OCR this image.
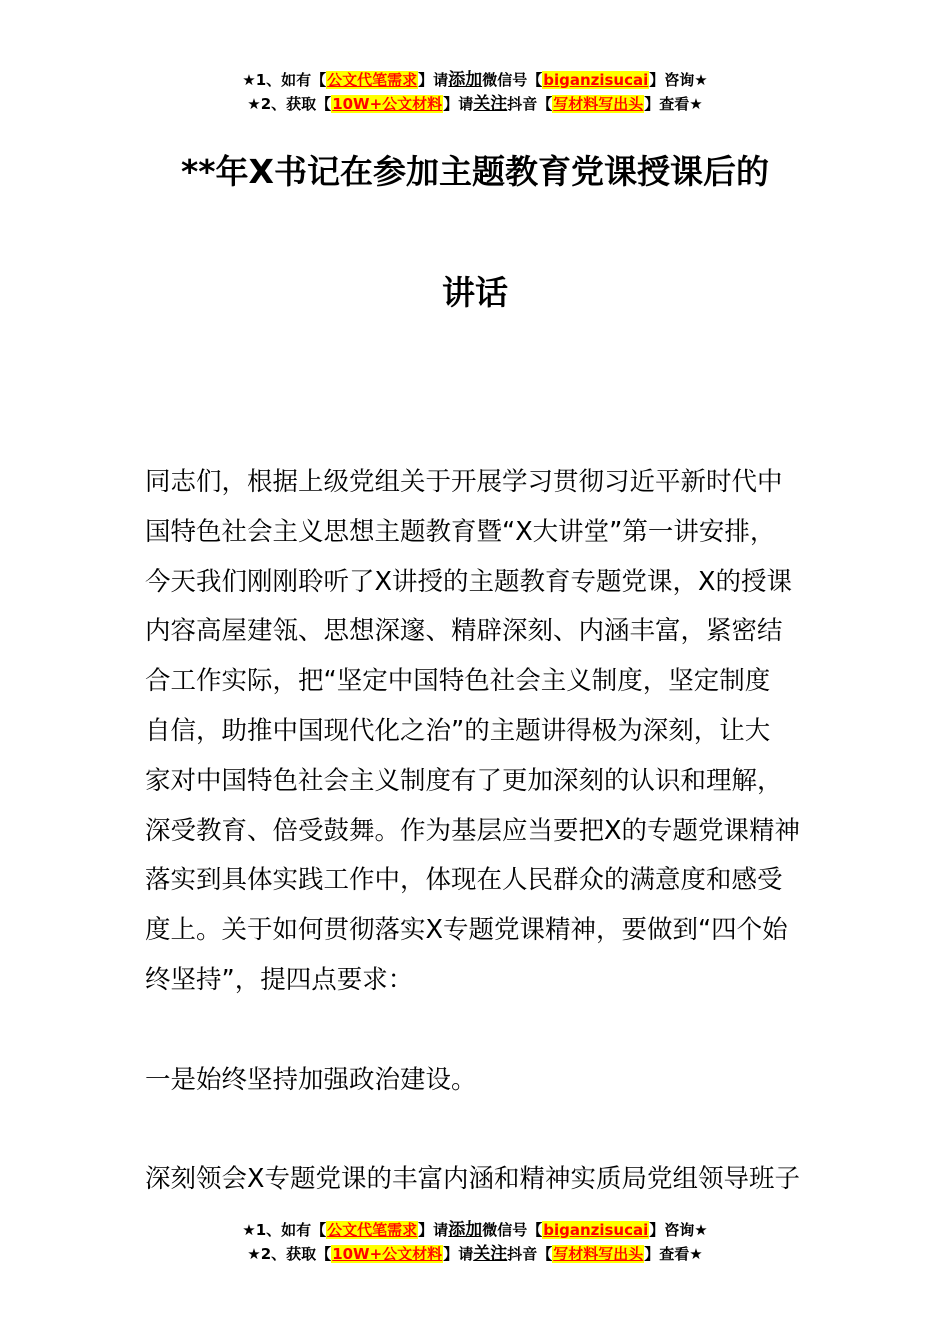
★1、如有【公文代笔需求】请添加微信号【biganzisucai】咨询★
★2、获取【10W+公文材料】请关注抖音【写材料写出头】查看★
**年X书记在参加主题教育党课授课后的
讲话
同志们，根据上级党组关于开展学习贯彻习近平新时代中
国特色社会主义思想主题教育暨“X大讲堂”第一讲安排，
今天我们刚刚聆听了X讲授的主题教育专题党课，X的授课
内容高屋建瓴、思想深邃、精辟深刻、内涵丰富，紧密结
合工作实际，把“坚定中国特色社会主义制度，坚定制度
自信，助推中国现代化之治”的主题讲得极为深刻，让大
家对中国特色社会主义制度有了更加深刻的认识和理解，
深受教育、倍受鼓舞。作为基层应当要把X的专题党课精神
落实到具体实践工作中，体现在人民群众的满意度和感受
度上。关于如何贯彻落实X专题党课精神，要做到“四个始
终坚持”，提四点要求：
一是始终坚持加强政治建设。
深刻领会X专题党课的丰富内涵和精神实质局党组领导班子
★1、如有【公文代笔需求】请添加微信号【biganzisucai】咨询★
★2、获取【10W+公文材料】请关注抖音【写材料写出头】查看★
